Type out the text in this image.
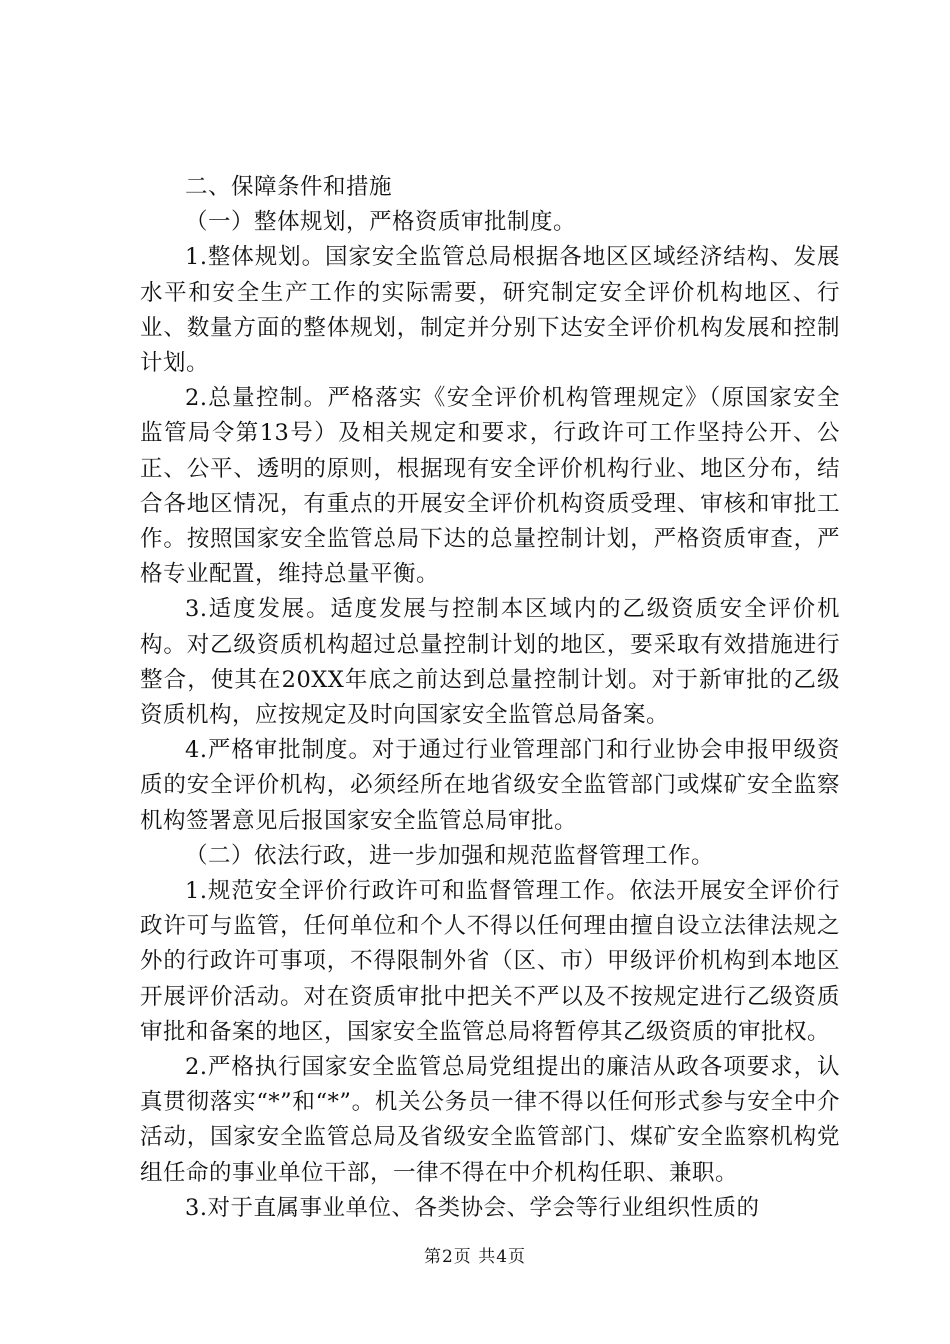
二、保障条件和措施

（一）整体规划，严格资质审批制度。

1.整体规划。国家安全监管总局根据各地区区域经济结构、发展水平和安全生产工作的实际需要，研究制定安全评价机构地区、行业、数量方面的整体规划，制定并分别下达安全评价机构发展和控制计划。

2.总量控制。严格落实《安全评价机构管理规定》（原国家安全监管局令第13号）及相关规定和要求，行政许可工作坚持公开、公正、公平、透明的原则，根据现有安全评价机构行业、地区分布，结合各地区情况，有重点的开展安全评价机构资质受理、审核和审批工作。按照国家安全监管总局下达的总量控制计划，严格资质审查，严格专业配置，维持总量平衡。

3.适度发展。适度发展与控制本区域内的乙级资质安全评价机构。对乙级资质机构超过总量控制计划的地区，要采取有效措施进行整合，使其在20XX年底之前达到总量控制计划。对于新审批的乙级资质机构，应按规定及时向国家安全监管总局备案。

4.严格审批制度。对于通过行业管理部门和行业协会申报甲级资质的安全评价机构，必须经所在地省级安全监管部门或煤矿安全监察机构签署意见后报国家安全监管总局审批。

（二）依法行政，进一步加强和规范监督管理工作。

1.规范安全评价行政许可和监督管理工作。依法开展安全评价行政许可与监管，任何单位和个人不得以任何理由擅自设立法律法规之外的行政许可事项，不得限制外省（区、市）甲级评价机构到本地区开展评价活动。对在资质审批中把关不严以及不按规定进行乙级资质审批和备案的地区，国家安全监管总局将暂停其乙级资质的审批权。

2.严格执行国家安全监管总局党组提出的廉洁从政各项要求，认真贯彻落实“*”和“*”。机关公务员一律不得以任何形式参与安全中介活动，国家安全监管总局及省级安全监管部门、煤矿安全监察机构党组任命的事业单位干部，一律不得在中介机构任职、兼职。

3.对于直属事业单位、各类协会、学会等行业组织性质的

第2页 共4页
